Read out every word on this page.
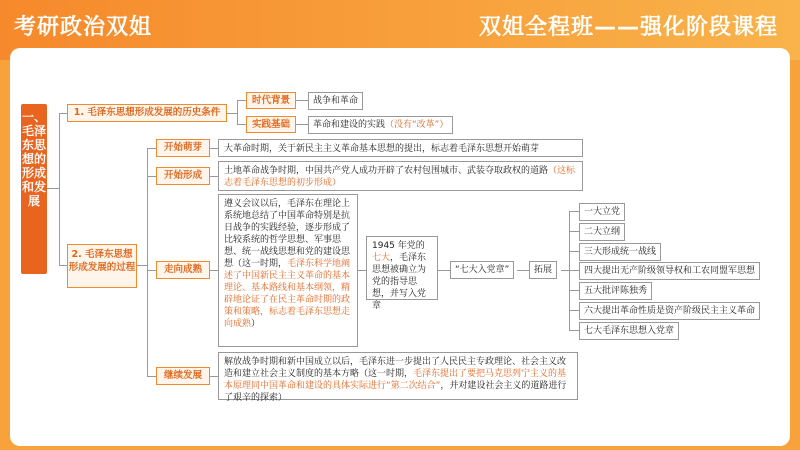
考研政治双姐	双姐全程班——强化阶段课程
一、毛泽东思想的形成和发展
1. 毛泽东思想形成发展的历史条件
时代背景	战争和革命
实践基础	革命和建设的实践（没有“改革”）
2. 毛泽东思想形成发展的过程
开始萌芽	大革命时期，关于新民主主义革命基本思想的提出，标志着毛泽东思想开始萌芽
开始形成	土地革命战争时期，中国共产党人成功开辟了农村包围城市、武装夺取政权的道路（这标志着毛泽东思想的初步形成）
走向成熟
遵义会议以后，毛泽东在理论上系统地总结了中国革命特别是抗日战争的实践经验，逐步形成了比较系统的哲学思想、军事思想、统一战线思想和党的建设思想（这一时期，毛泽东科学地阐述了中国新民主主义革命的基本理论、基本路线和基本纲领，精辟地论证了在民主革命时期的政策和策略，标志着毛泽东思想走向成熟）
1945 年党的七大，毛泽东思想被确立为党的指导思想，并写入党章
“七大入党章”	拓展
一大立党
二大立纲
三大形成统一战线
四大提出无产阶级领导权和工农同盟军思想
五大批评陈独秀
六大提出革命性质是资产阶级民主主义革命
七大毛泽东思想入党章
继续发展
解放战争时期和新中国成立以后，毛泽东进一步提出了人民民主专政理论、社会主义改造和建立社会主义制度的基本方略（这一时期，毛泽东提出了要把马克思列宁主义的基本原理同中国革命和建设的具体实际进行“第二次结合”，并对建设社会主义的道路进行了艰辛的探索）
